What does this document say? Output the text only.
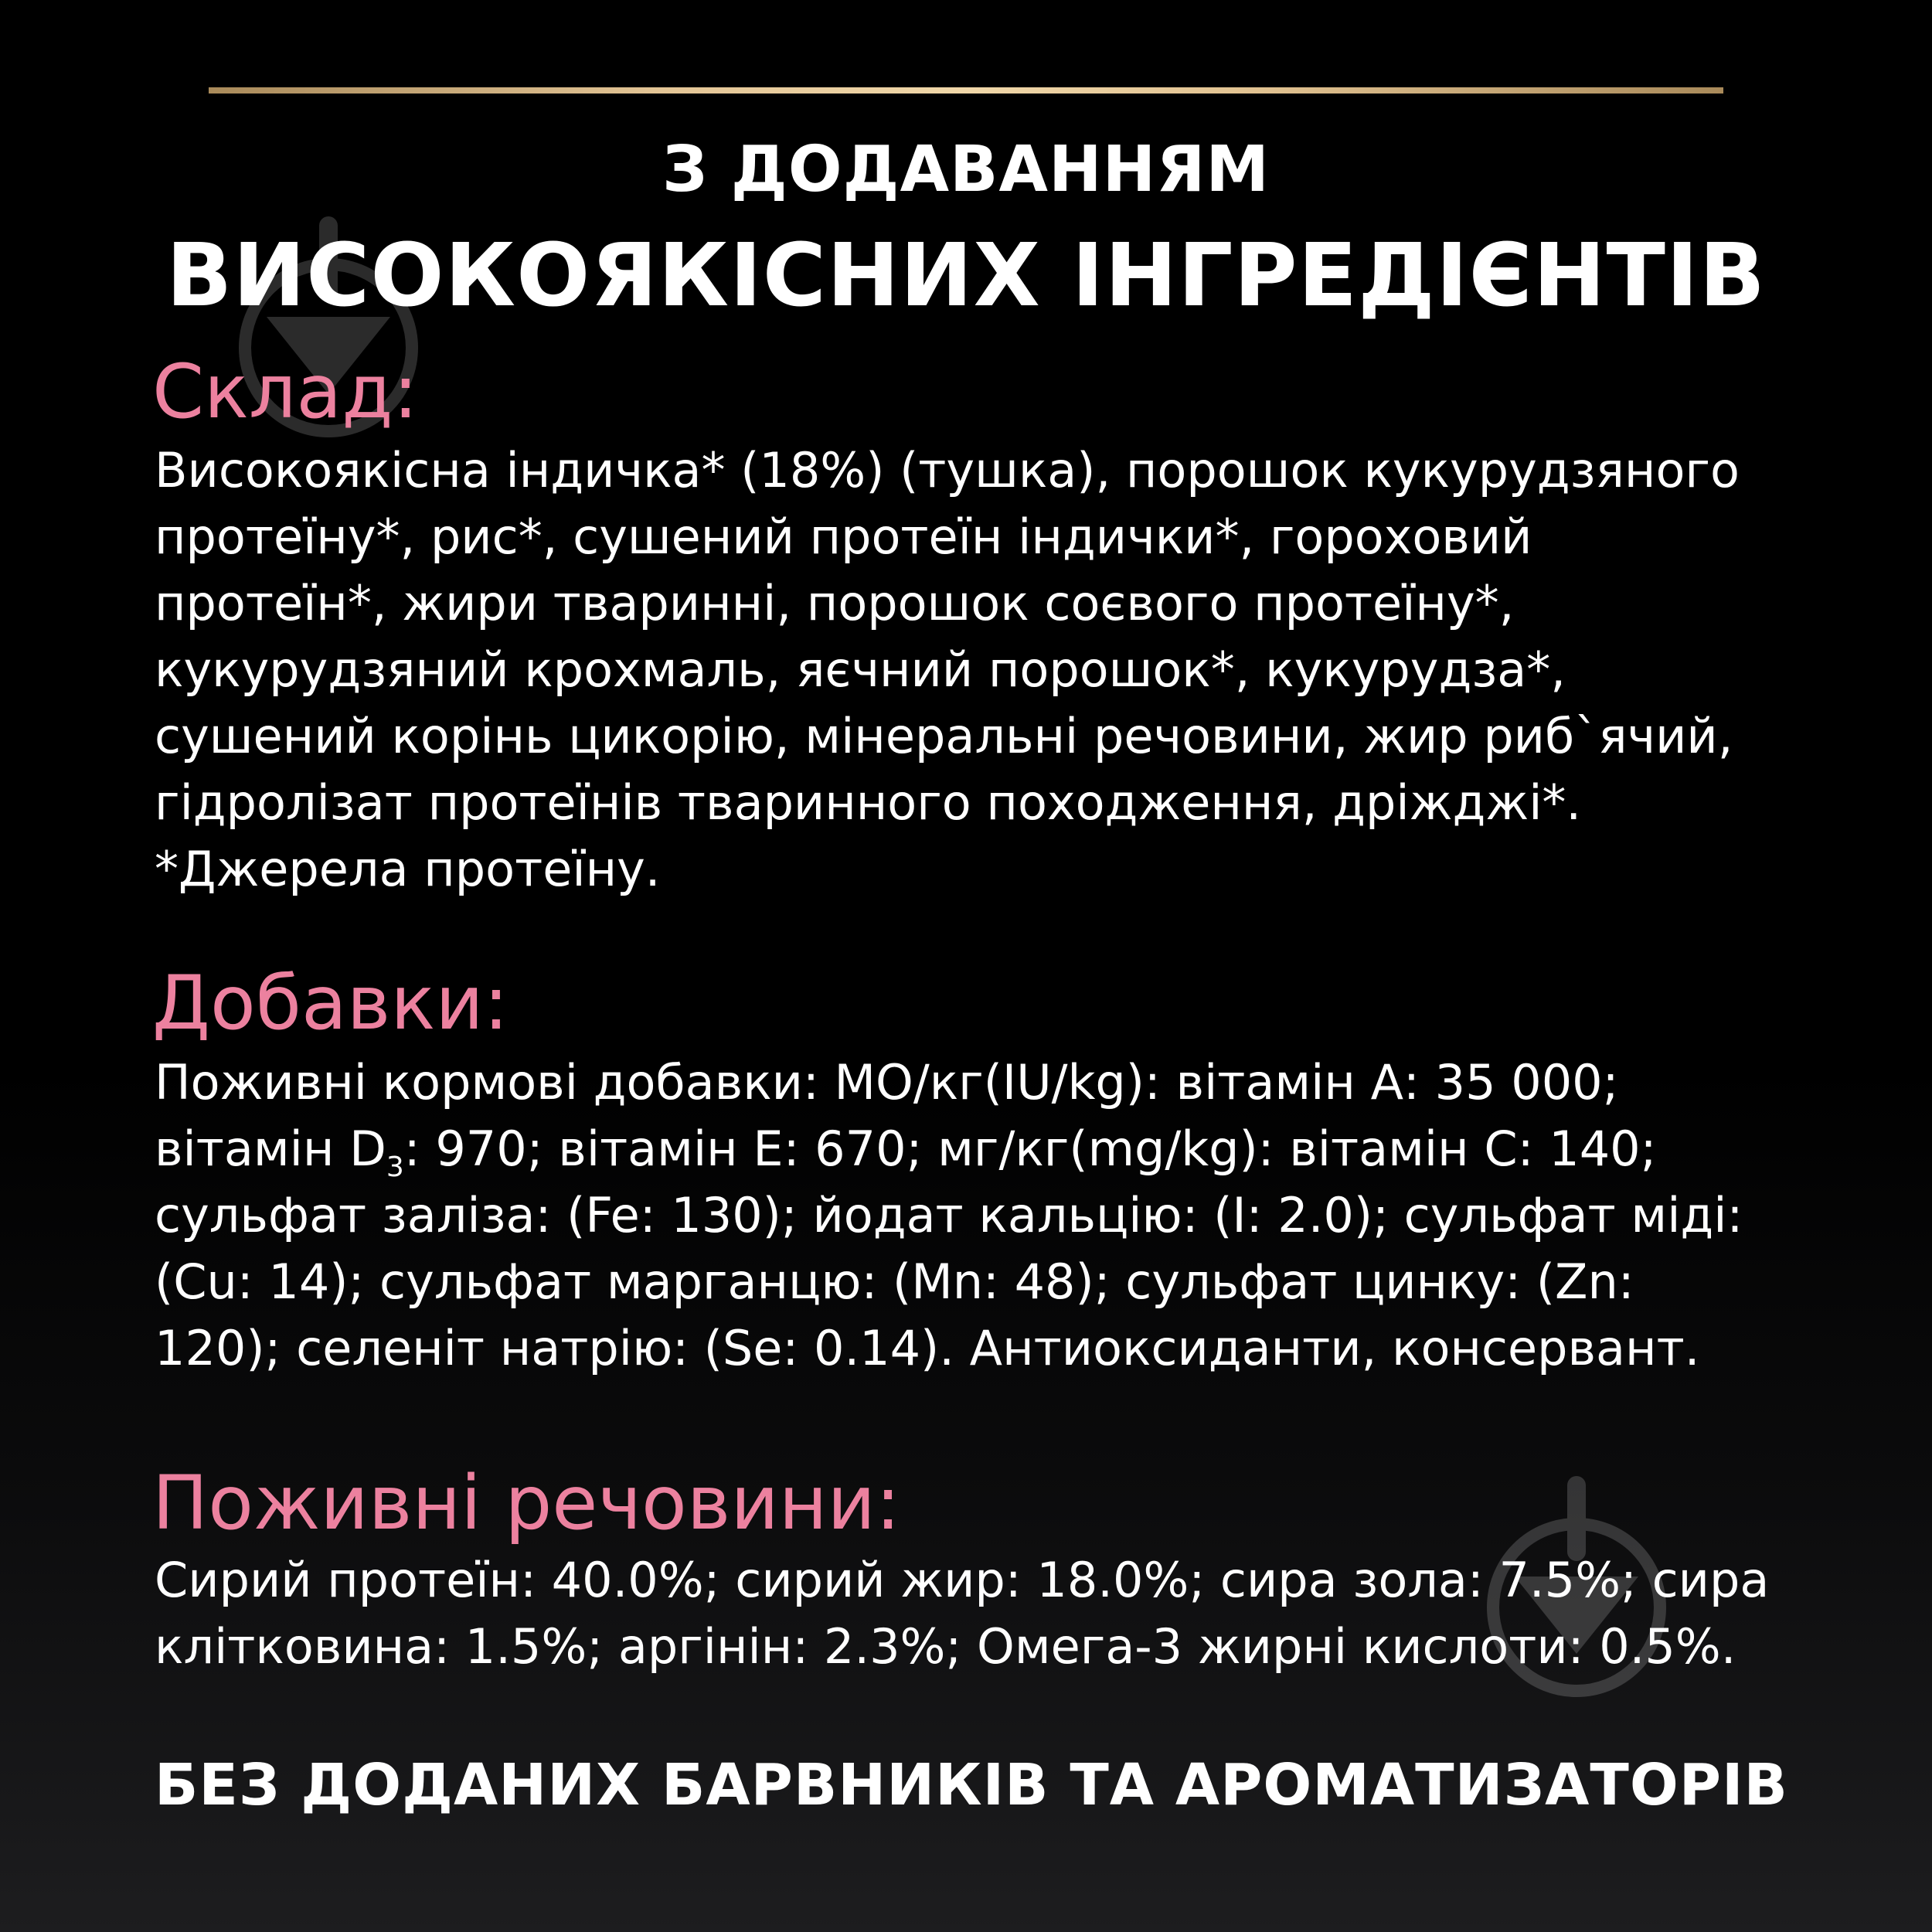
З ДОДАВАННЯМ
ВИСОКОЯКІСНИХ ІНГРЕДІЄНТІВ
Склад:
Високоякісна індичка* (18%) (тушка), порошок кукурудзяного
протеїну*, рис*, сушений протеїн індички*, гороховий
протеїн*, жири тваринні, порошок соєвого протеїну*,
кукурудзяний крохмаль, яєчний порошок*, кукурудза*,
сушений корінь цикорію, мінеральні речовини, жир риб`ячий,
гідролізат протеїнів тваринного походження, дріжджі*.
*Джерела протеїну.
Добавки:
Поживні кормові добавки: МО/кг(IU/kg): вітамін А: 35 000;
вітамін $D_3$: 970; вітамін Е: 670; мг/кг(mg/kg): вітамін С: 140;
сульфат заліза: (Fe: 130); йодат кальцію: (I: 2.0); сульфат міді:
(Cu: 14); сульфат марганцю: (Mn: 48); сульфат цинку: (Zn:
120); селеніт натрію: (Se: 0.14). Антиоксиданти, консервант.
Поживні речовини:
Сирий протеїн: 40.0%; сирий жир: 18.0%; сира зола: 7.5%; сира
клітковина: 1.5%; аргінін: 2.3%; Омега-3 жирні кислоти: 0.5%.
БЕЗ ДОДАНИХ БАРВНИКІВ ТА АРОМАТИЗАТОРІВ
